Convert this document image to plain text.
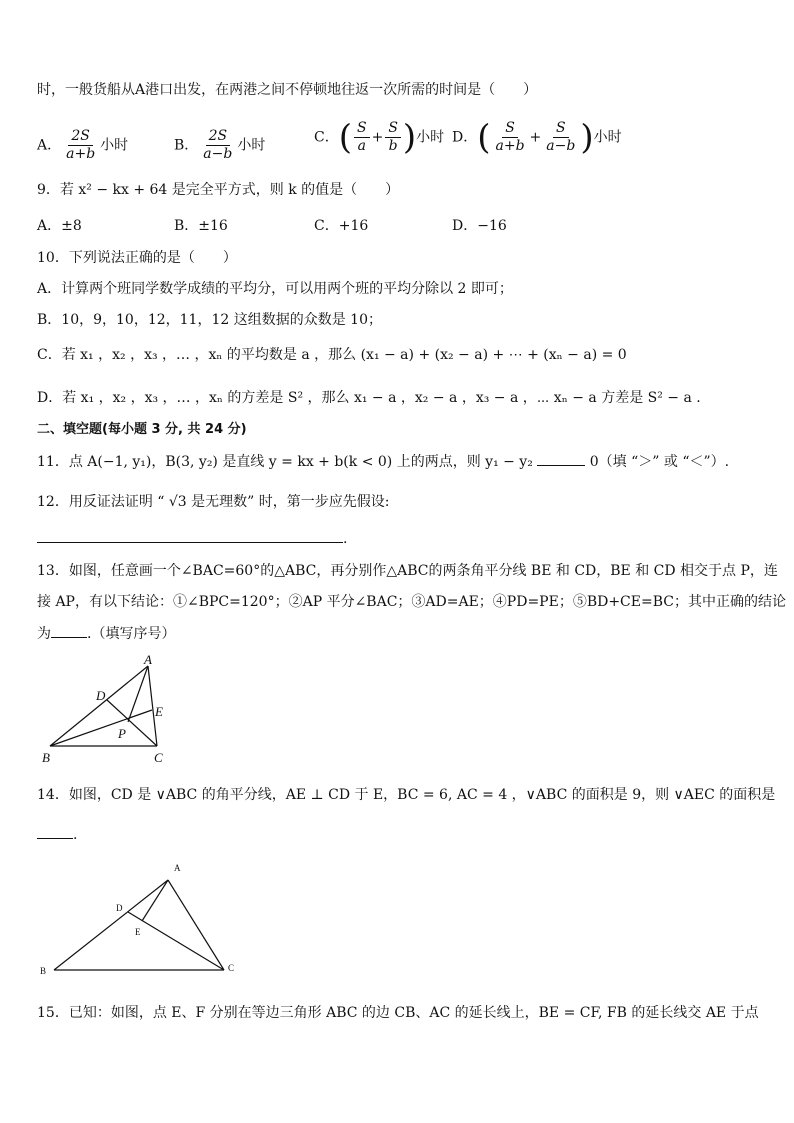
时，一般货船从A港口出发，在两港之间不停顿地往返一次所需的时间是（　　）
A． $\frac{2S}{a+b}$ 小时	B． $\frac{2S}{a-b}$ 小时	C．( $\frac{S}{a} + \frac{S}{b}$ )小时 D．( $\frac{S}{a+b} + \frac{S}{a-b}$ )小时
9．若 x² − kx + 64 是完全平方式，则 k 的值是（　　）
A．±8	B．±16	C．+16	D．−16
10．下列说法正确的是（　　）
A．计算两个班同学数学成绩的平均分，可以用两个班的平均分除以 2 即可；
B．10，9，10，12，11，12 这组数据的众数是 10；
C．若 x₁ ，x₂ ，x₃ ，… ，xₙ 的平均数是 a ，那么 (x₁ − a) + (x₂ − a) + ⋯ + (xₙ − a) = 0
D．若 x₁ ，x₂ ，x₃ ，… ，xₙ 的方差是 S² ，那么 x₁ − a ，x₂ − a ，x₃ − a ，⋯ xₙ − a 方差是 S² − a .
二、填空题(每小题 3 分, 共 24 分)
11．点 A(−1, y₁)，B(3, y₂) 是直线 y = kx + b(k < 0) 上的两点，则 y₁ − y₂	0（填 “＞” 或 “＜”）.
12．用反证法证明 “ √3 是无理数” 时，第一步应先假设:
.
13．如图，任意画一个∠BAC=60°的△ABC，再分别作△ABC的两条角平分线 BE 和 CD，BE 和 CD 相交于点 P，连
接 AP，有以下结论：①∠BPC=120°；②AP 平分∠BAC；③AD=AE；④PD=PE；⑤BD+CE=BC；其中正确的结论
为	.（填写序号）
A
B	C
D
E
P
14．如图，CD 是 ∨ABC 的角平分线，AE ⊥ CD 于 E，BC = 6, AC = 4 ，∨ABC 的面积是 9，则 ∨AEC 的面积是
.
A
B	C
D
E
15．已知：如图，点 E、F 分别在等边三角形 ABC 的边 CB、AC 的延长线上，BE = CF, FB 的延长线交 AE 于点
